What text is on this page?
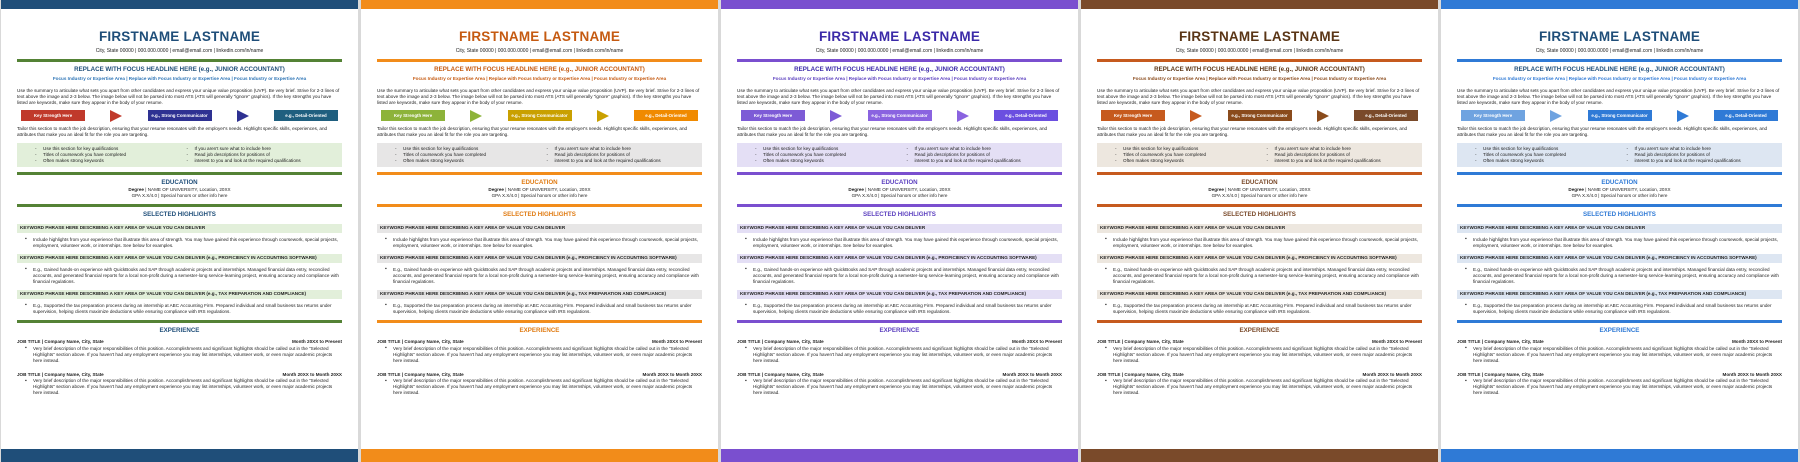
FIRSTNAME LASTNAME
City, State 00000 | 000.000.0000 | email@email.com | linkedin.com/in/name
REPLACE WITH FOCUS HEADLINE HERE (e.g., JUNIOR ACCOUNTANT)
Focus Industry or Expertise Area | Replace with Focus Industry or Expertise Area | Focus Industry or Expertise Area
Use the summary to articulate what sets you apart from other candidates and express your unique value proposition (UVP). Be very brief. Strive for 2-3 lines of text above the image and 2-3 below. The image below will not be parsed into most ATS (ATS will generally "ignore" graphics). If the key strengths you have listed are keywords, make sure they appear in the body of your resume.
Key Strength Here	e.g., Strong Communicator	e.g., Detail-Oriented
Tailor this section to match the job description, ensuring that your resume resonates with the employer's needs. Highlight specific skills, experiences, and attributes that make you an ideal fit for the role you are targeting.
- Use this section for key qualifications
- Titles of coursework you have completed
- Often makes strong keywords
- If you aren't sure what to include here
- Read job descriptions for positions of
- interest to you and look at the required qualifications
EDUCATION
Degree | NAME OF UNIVERSITY, Location, 20XX
GPA X.X/4.0 | Special honors or other info here
SELECTED HIGHLIGHTS
KEYWORD PHRASE HERE DESCRIBING A KEY AREA OF VALUE YOU CAN DELIVER
▪ Include highlights from your experience that illustrate this area of strength. You may have gained this experience through coursework, special projects, employment, volunteer work, or internships. See below for examples.
KEYWORD PHRASE HERE DESCRIBING A KEY AREA OF VALUE YOU CAN DELIVER (e.g., PROFICIENCY IN ACCOUNTING SOFTWARE)
▪ E.g., Gained hands-on experience with QuickBooks and SAP through academic projects and internships. Managed financial data entry, reconciled accounts, and generated financial reports for a local non-profit during a semester-long service-learning project, ensuring accuracy and compliance with financial regulations.
KEYWORD PHRASE HERE DESCRIBING A KEY AREA OF VALUE YOU CAN DELIVER (e.g., TAX PREPARATION AND COMPLIANCE)
▪ E.g., Supported the tax preparation process during an internship at ABC Accounting Firm. Prepared individual and small business tax returns under supervision, helping clients maximize deductions while ensuring compliance with IRS regulations.
EXPERIENCE
JOB TITLE | Company Name, City, State	Month 20XX to Present
▪ Very brief description of the major responsibilities of this position. Accomplishments and significant highlights should be called out in the "Selected Highlights" section above. If you haven't had any employment experience you may list internships, volunteer work, or even major academic projects here instead.
JOB TITLE | Company Name, City, State	Month 20XX to Month 20XX
▪ Very brief description of the major responsibilities of this position. Accomplishments and significant highlights should be called out in the "Selected Highlights" section above. If you haven't had any employment experience you may list internships, volunteer work, or even major academic projects here instead.
FIRSTNAME LASTNAME
City, State 00000 | 000.000.0000 | email@email.com | linkedin.com/in/name
REPLACE WITH FOCUS HEADLINE HERE (e.g., JUNIOR ACCOUNTANT)
Focus Industry or Expertise Area | Replace with Focus Industry or Expertise Area | Focus Industry or Expertise Area
Use the summary to articulate what sets you apart from other candidates and express your unique value proposition (UVP). Be very brief. Strive for 2-3 lines of text above the image and 2-3 below. The image below will not be parsed into most ATS (ATS will generally "ignore" graphics). If the key strengths you have listed are keywords, make sure they appear in the body of your resume.
Key Strength Here	e.g., Strong Communicator	e.g., Detail-Oriented
Tailor this section to match the job description, ensuring that your resume resonates with the employer's needs. Highlight specific skills, experiences, and attributes that make you an ideal fit for the role you are targeting.
- Use this section for key qualifications
- Titles of coursework you have completed
- Often makes strong keywords
- If you aren't sure what to include here
- Read job descriptions for positions of
- interest to you and look at the required qualifications
EDUCATION
Degree | NAME OF UNIVERSITY, Location, 20XX
GPA X.X/4.0 | Special honors or other info here
SELECTED HIGHLIGHTS
KEYWORD PHRASE HERE DESCRIBING A KEY AREA OF VALUE YOU CAN DELIVER
▪ Include highlights from your experience that illustrate this area of strength. You may have gained this experience through coursework, special projects, employment, volunteer work, or internships. See below for examples.
KEYWORD PHRASE HERE DESCRIBING A KEY AREA OF VALUE YOU CAN DELIVER (e.g., PROFICIENCY IN ACCOUNTING SOFTWARE)
▪ E.g., Gained hands-on experience with QuickBooks and SAP through academic projects and internships. Managed financial data entry, reconciled accounts, and generated financial reports for a local non-profit during a semester-long service-learning project, ensuring accuracy and compliance with financial regulations.
KEYWORD PHRASE HERE DESCRIBING A KEY AREA OF VALUE YOU CAN DELIVER (e.g., TAX PREPARATION AND COMPLIANCE)
▪ E.g., Supported the tax preparation process during an internship at ABC Accounting Firm. Prepared individual and small business tax returns under supervision, helping clients maximize deductions while ensuring compliance with IRS regulations.
EXPERIENCE
JOB TITLE | Company Name, City, State	Month 20XX to Present
▪ Very brief description of the major responsibilities of this position. Accomplishments and significant highlights should be called out in the "Selected Highlights" section above. If you haven't had any employment experience you may list internships, volunteer work, or even major academic projects here instead.
JOB TITLE | Company Name, City, State	Month 20XX to Month 20XX
▪ Very brief description of the major responsibilities of this position. Accomplishments and significant highlights should be called out in the "Selected Highlights" section above. If you haven't had any employment experience you may list internships, volunteer work, or even major academic projects here instead.
FIRSTNAME LASTNAME
City, State 00000 | 000.000.0000 | email@email.com | linkedin.com/in/name
REPLACE WITH FOCUS HEADLINE HERE (e.g., JUNIOR ACCOUNTANT)
Focus Industry or Expertise Area | Replace with Focus Industry or Expertise Area | Focus Industry or Expertise Area
Use the summary to articulate what sets you apart from other candidates and express your unique value proposition (UVP). Be very brief. Strive for 2-3 lines of text above the image and 2-3 below. The image below will not be parsed into most ATS (ATS will generally "ignore" graphics). If the key strengths you have listed are keywords, make sure they appear in the body of your resume.
Key Strength Here	e.g., Strong Communicator	e.g., Detail-Oriented
Tailor this section to match the job description, ensuring that your resume resonates with the employer's needs. Highlight specific skills, experiences, and attributes that make you an ideal fit for the role you are targeting.
- Use this section for key qualifications
- Titles of coursework you have completed
- Often makes strong keywords
- If you aren't sure what to include here
- Read job descriptions for positions of
- interest to you and look at the required qualifications
EDUCATION
Degree | NAME OF UNIVERSITY, Location, 20XX
GPA X.X/4.0 | Special honors or other info here
SELECTED HIGHLIGHTS
KEYWORD PHRASE HERE DESCRIBING A KEY AREA OF VALUE YOU CAN DELIVER
▪ Include highlights from your experience that illustrate this area of strength. You may have gained this experience through coursework, special projects, employment, volunteer work, or internships. See below for examples.
KEYWORD PHRASE HERE DESCRIBING A KEY AREA OF VALUE YOU CAN DELIVER (e.g., PROFICIENCY IN ACCOUNTING SOFTWARE)
▪ E.g., Gained hands-on experience with QuickBooks and SAP through academic projects and internships. Managed financial data entry, reconciled accounts, and generated financial reports for a local non-profit during a semester-long service-learning project, ensuring accuracy and compliance with financial regulations.
KEYWORD PHRASE HERE DESCRIBING A KEY AREA OF VALUE YOU CAN DELIVER (e.g., TAX PREPARATION AND COMPLIANCE)
▪ E.g., Supported the tax preparation process during an internship at ABC Accounting Firm. Prepared individual and small business tax returns under supervision, helping clients maximize deductions while ensuring compliance with IRS regulations.
EXPERIENCE
JOB TITLE | Company Name, City, State	Month 20XX to Present
▪ Very brief description of the major responsibilities of this position. Accomplishments and significant highlights should be called out in the "Selected Highlights" section above. If you haven't had any employment experience you may list internships, volunteer work, or even major academic projects here instead.
JOB TITLE | Company Name, City, State	Month 20XX to Month 20XX
▪ Very brief description of the major responsibilities of this position. Accomplishments and significant highlights should be called out in the "Selected Highlights" section above. If you haven't had any employment experience you may list internships, volunteer work, or even major academic projects here instead.
FIRSTNAME LASTNAME
City, State 00000 | 000.000.0000 | email@email.com | linkedin.com/in/name
REPLACE WITH FOCUS HEADLINE HERE (e.g., JUNIOR ACCOUNTANT)
Focus Industry or Expertise Area | Replace with Focus Industry or Expertise Area | Focus Industry or Expertise Area
Use the summary to articulate what sets you apart from other candidates and express your unique value proposition (UVP). Be very brief. Strive for 2-3 lines of text above the image and 2-3 below. The image below will not be parsed into most ATS (ATS will generally "ignore" graphics). If the key strengths you have listed are keywords, make sure they appear in the body of your resume.
Key Strength Here	e.g., Strong Communicator	e.g., Detail-Oriented
Tailor this section to match the job description, ensuring that your resume resonates with the employer's needs. Highlight specific skills, experiences, and attributes that make you an ideal fit for the role you are targeting.
- Use this section for key qualifications
- Titles of coursework you have completed
- Often makes strong keywords
- If you aren't sure what to include here
- Read job descriptions for positions of
- interest to you and look at the required qualifications
EDUCATION
Degree | NAME OF UNIVERSITY, Location, 20XX
GPA X.X/4.0 | Special honors or other info here
SELECTED HIGHLIGHTS
KEYWORD PHRASE HERE DESCRIBING A KEY AREA OF VALUE YOU CAN DELIVER
▪ Include highlights from your experience that illustrate this area of strength. You may have gained this experience through coursework, special projects, employment, volunteer work, or internships. See below for examples.
KEYWORD PHRASE HERE DESCRIBING A KEY AREA OF VALUE YOU CAN DELIVER (e.g., PROFICIENCY IN ACCOUNTING SOFTWARE)
▪ E.g., Gained hands-on experience with QuickBooks and SAP through academic projects and internships. Managed financial data entry, reconciled accounts, and generated financial reports for a local non-profit during a semester-long service-learning project, ensuring accuracy and compliance with financial regulations.
KEYWORD PHRASE HERE DESCRIBING A KEY AREA OF VALUE YOU CAN DELIVER (e.g., TAX PREPARATION AND COMPLIANCE)
▪ E.g., Supported the tax preparation process during an internship at ABC Accounting Firm. Prepared individual and small business tax returns under supervision, helping clients maximize deductions while ensuring compliance with IRS regulations.
EXPERIENCE
JOB TITLE | Company Name, City, State	Month 20XX to Present
▪ Very brief description of the major responsibilities of this position. Accomplishments and significant highlights should be called out in the "Selected Highlights" section above. If you haven't had any employment experience you may list internships, volunteer work, or even major academic projects here instead.
JOB TITLE | Company Name, City, State	Month 20XX to Month 20XX
▪ Very brief description of the major responsibilities of this position. Accomplishments and significant highlights should be called out in the "Selected Highlights" section above. If you haven't had any employment experience you may list internships, volunteer work, or even major academic projects here instead.
FIRSTNAME LASTNAME
City, State 00000 | 000.000.0000 | email@email.com | linkedin.com/in/name
REPLACE WITH FOCUS HEADLINE HERE (e.g., JUNIOR ACCOUNTANT)
Focus Industry or Expertise Area | Replace with Focus Industry or Expertise Area | Focus Industry or Expertise Area
Use the summary to articulate what sets you apart from other candidates and express your unique value proposition (UVP). Be very brief. Strive for 2-3 lines of text above the image and 2-3 below. The image below will not be parsed into most ATS (ATS will generally "ignore" graphics). If the key strengths you have listed are keywords, make sure they appear in the body of your resume.
Key Strength Here	e.g., Strong Communicator	e.g., Detail-Oriented
Tailor this section to match the job description, ensuring that your resume resonates with the employer's needs. Highlight specific skills, experiences, and attributes that make you an ideal fit for the role you are targeting.
- Use this section for key qualifications
- Titles of coursework you have completed
- Often makes strong keywords
- If you aren't sure what to include here
- Read job descriptions for positions of
- interest to you and look at the required qualifications
EDUCATION
Degree | NAME OF UNIVERSITY, Location, 20XX
GPA X.X/4.0 | Special honors or other info here
SELECTED HIGHLIGHTS
KEYWORD PHRASE HERE DESCRIBING A KEY AREA OF VALUE YOU CAN DELIVER
▪ Include highlights from your experience that illustrate this area of strength. You may have gained this experience through coursework, special projects, employment, volunteer work, or internships. See below for examples.
KEYWORD PHRASE HERE DESCRIBING A KEY AREA OF VALUE YOU CAN DELIVER (e.g., PROFICIENCY IN ACCOUNTING SOFTWARE)
▪ E.g., Gained hands-on experience with QuickBooks and SAP through academic projects and internships. Managed financial data entry, reconciled accounts, and generated financial reports for a local non-profit during a semester-long service-learning project, ensuring accuracy and compliance with financial regulations.
KEYWORD PHRASE HERE DESCRIBING A KEY AREA OF VALUE YOU CAN DELIVER (e.g., TAX PREPARATION AND COMPLIANCE)
▪ E.g., Supported the tax preparation process during an internship at ABC Accounting Firm. Prepared individual and small business tax returns under supervision, helping clients maximize deductions while ensuring compliance with IRS regulations.
EXPERIENCE
JOB TITLE | Company Name, City, State	Month 20XX to Present
▪ Very brief description of the major responsibilities of this position. Accomplishments and significant highlights should be called out in the "Selected Highlights" section above. If you haven't had any employment experience you may list internships, volunteer work, or even major academic projects here instead.
JOB TITLE | Company Name, City, State	Month 20XX to Month 20XX
▪ Very brief description of the major responsibilities of this position. Accomplishments and significant highlights should be called out in the "Selected Highlights" section above. If you haven't had any employment experience you may list internships, volunteer work, or even major academic projects here instead.
